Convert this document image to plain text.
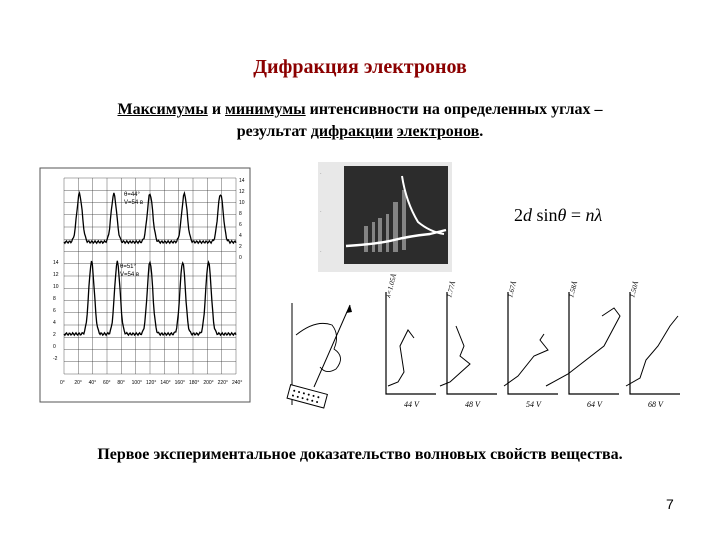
Дифракция электронов
Максимумы и минимумы интенсивности на определенных углах –
результат дифракции электронов.
θ=44°
V=54 в
θ=51°
V=54 в
0° 20° 40° 60° 80° 100° 120° 140° 160° 180° 200° 220° 240°
14
12
10
8
6
4
2
0
14
12
10
8
6
4
2
0
-2
-
-
-
2d sinθ = nλ
44 V
λ=1.05Å
48 V
1.77Å
54 V
1.67Å
64 V
1.58Å
68 V
1.50Å
Первое экспериментальное доказательство волновых свойств вещества.
7
